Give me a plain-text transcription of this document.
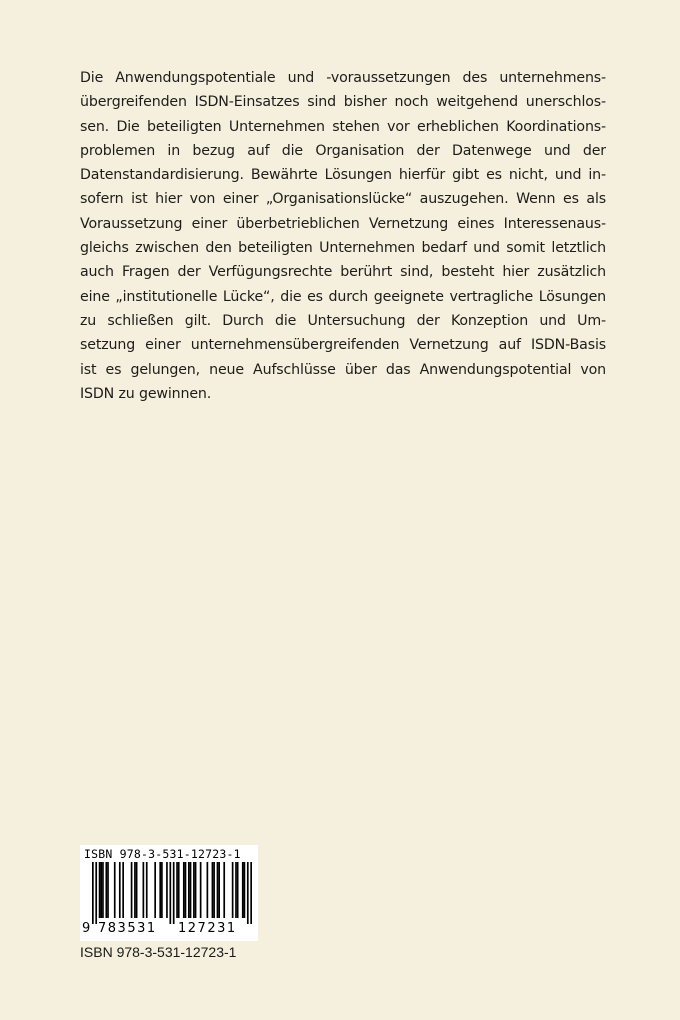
Die Anwendungspotentiale und -voraussetzungen des unternehmens-
übergreifenden ISDN-Einsatzes sind bisher noch weitgehend unerschlos-
sen. Die beteiligten Unternehmen stehen vor erheblichen Koordinations-
problemen in bezug auf die Organisation der Datenwege und der
Datenstandardisierung. Bewährte Lösungen hierfür gibt es nicht, und in-
sofern ist hier von einer „Organisationslücke“ auszugehen. Wenn es als
Voraussetzung einer überbetrieblichen Vernetzung eines Interessenaus-
gleichs zwischen den beteiligten Unternehmen bedarf und somit letztlich
auch Fragen der Verfügungsrechte berührt sind, besteht hier zusätzlich
eine „institutionelle Lücke“, die es durch geeignete vertragliche Lösungen
zu schließen gilt. Durch die Untersuchung der Konzeption und Um-
setzung einer unternehmensübergreifenden Vernetzung auf ISDN-Basis
ist es gelungen, neue Aufschlüsse über das Anwendungspotential von
ISDN zu gewinnen.
ISBN 978-3-531-12723-1
9 783531 127231
ISBN 978-3-531-12723-1
